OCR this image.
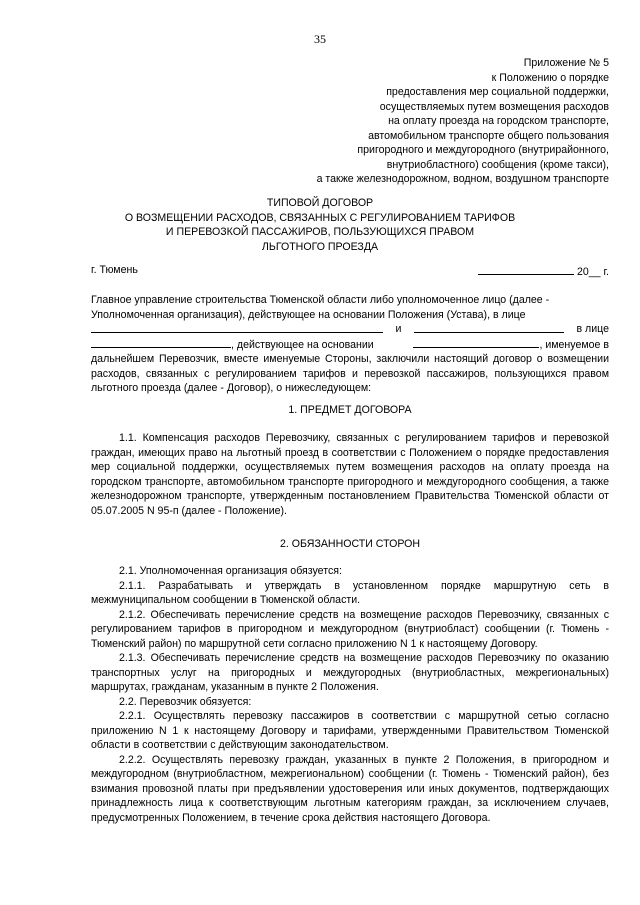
35
Приложение № 5
к Положению о порядке
предоставления мер социальной поддержки,
осуществляемых путем возмещения расходов
на оплату проезда на городском транспорте,
автомобильном транспорте общего пользования
пригородного и междугородного (внутрирайонного,
внутриобластного) сообщения (кроме такси),
а также железнодорожном, водном, воздушном транспорте
ТИПОВОЙ ДОГОВОР
О ВОЗМЕЩЕНИИ РАСХОДОВ, СВЯЗАННЫХ С РЕГУЛИРОВАНИЕМ ТАРИФОВ
И ПЕРЕВОЗКОЙ ПАССАЖИРОВ, ПОЛЬЗУЮЩИХСЯ ПРАВОМ
ЛЬГОТНОГО ПРОЕЗДА
г. Тюмень	20__ г.
Главное управление строительства Тюменской области либо уполномоченное лицо (далее -
Уполномоченная организация), действующее на основании Положения (Устава), в лице
и	в лице
, действующее на основании	, именуемое в

дальнейшем Перевозчик, вместе именуемые Стороны, заключили настоящий договор о возмещении расходов, связанных с регулированием тарифов и перевозкой пассажиров, пользующихся правом льготного проезда (далее - Договор), о нижеследующем:

1. ПРЕДМЕТ ДОГОВОРА

1.1. Компенсация расходов Перевозчику, связанных с регулированием тарифов и перевозкой граждан, имеющих право на льготный проезд в соответствии с Положением о порядке предоставления мер социальной поддержки, осуществляемых путем возмещения расходов на оплату проезда на городском транспорте, автомобильном транспорте пригородного и междугородного сообщения, а также железнодорожном транспорте, утвержденным постановлением Правительства Тюменской области от 05.07.2005 N 95-п (далее - Положение).

2. ОБЯЗАННОСТИ СТОРОН

2.1. Уполномоченная организация обязуется:

2.1.1. Разрабатывать и утверждать в установленном порядке маршрутную сеть в межмуниципальном сообщении в Тюменской области.

2.1.2. Обеспечивать перечисление средств на возмещение расходов Перевозчику, связанных с регулированием тарифов в пригородном и междугородном (внутриобласт) сообщении (г. Тюмень - Тюменский район) по маршрутной сети согласно приложению N 1 к настоящему Договору.

2.1.3. Обеспечивать перечисление средств на возмещение расходов Перевозчику по оказанию транспортных услуг на пригородных и междугородных (внутриобластных, межрегиональных) маршрутах, гражданам, указанным в пункте 2 Положения.

2.2. Перевозчик обязуется:

2.2.1. Осуществлять перевозку пассажиров в соответствии с маршрутной сетью согласно приложению N 1 к настоящему Договору и тарифами, утвержденными Правительством Тюменской области в соответствии с действующим законодательством.

2.2.2. Осуществлять перевозку граждан, указанных в пункте 2 Положения, в пригородном и междугородном (внутриобластном, межрегиональном) сообщении (г. Тюмень - Тюменский район), без взимания провозной платы при предъявлении удостоверения или иных документов, подтверждающих принадлежность лица к соответствующим льготным категориям граждан, за исключением случаев, предусмотренных Положением, в течение срока действия настоящего Договора.
